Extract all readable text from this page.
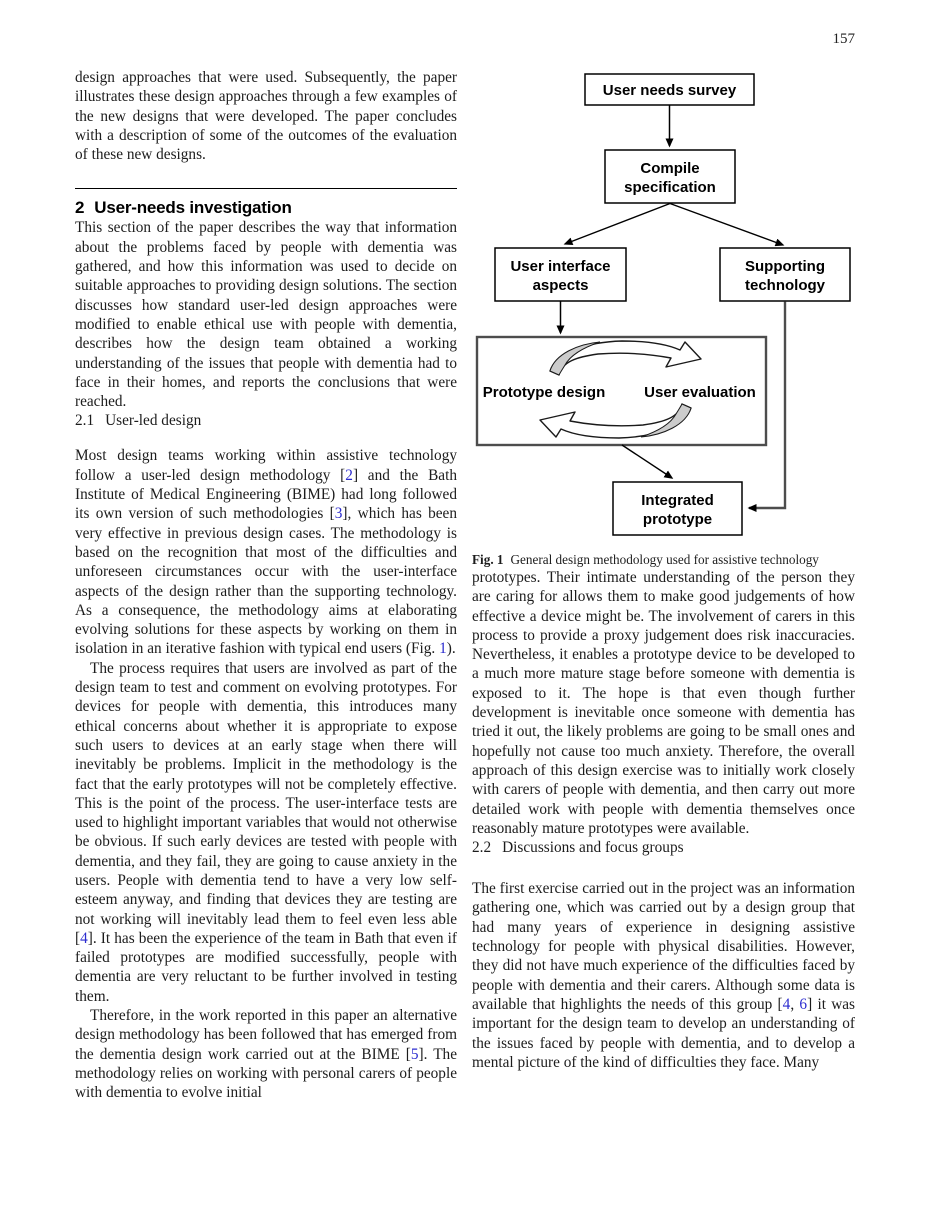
157

design approaches that were used. Subsequently, the paper illustrates these design approaches through a few examples of the new designs that were developed. The paper concludes with a description of some of the outcomes of the evaluation of these new designs.

2 User-needs investigation

This section of the paper describes the way that information about the problems faced by people with dementia was gathered, and how this information was used to decide on suitable approaches to providing design solutions. The section discusses how standard user-led design approaches were modified to enable ethical use with people with dementia, describes how the design team obtained a working understanding of the issues that people with dementia had to face in their homes, and reports the conclusions that were reached.

2.1 User-led design

Most design teams working within assistive technology follow a user-led design methodology [2] and the Bath Institute of Medical Engineering (BIME) had long followed its own version of such methodologies [3], which has been very effective in previous design cases. The methodology is based on the recognition that most of the difficulties and unforeseen circumstances occur with the user-interface aspects of the design rather than the supporting technology. As a consequence, the methodology aims at elaborating evolving solutions for these aspects by working on them in isolation in an iterative fashion with typical end users (Fig. 1).

The process requires that users are involved as part of the design team to test and comment on evolving prototypes. For devices for people with dementia, this introduces many ethical concerns about whether it is appropriate to expose such users to devices at an early stage when there will inevitably be problems. Implicit in the methodology is the fact that the early prototypes will not be completely effective. This is the point of the process. The user-interface tests are used to highlight important variables that would not otherwise be obvious. If such early devices are tested with people with dementia, and they fail, they are going to cause anxiety in the users. People with dementia tend to have a very low self-esteem anyway, and finding that devices they are testing are not working will inevitably lead them to feel even less able [4]. It has been the experience of the team in Bath that even if failed prototypes are modified successfully, people with dementia are very reluctant to be further involved in testing them.

Therefore, in the work reported in this paper an alternative design methodology has been followed that has emerged from the dementia design work carried out at the BIME [5]. The methodology relies on working with personal carers of people with dementia to evolve initial

User needs survey
Compile
specification
User interface
aspects
Supporting
technology
Prototype design	User evaluation
Integrated
prototype

Fig. 1 General design methodology used for assistive technology

prototypes. Their intimate understanding of the person they are caring for allows them to make good judgements of how effective a device might be. The involvement of carers in this process to provide a proxy judgement does risk inaccuracies. Nevertheless, it enables a prototype device to be developed to a much more mature stage before someone with dementia is exposed to it. The hope is that even though further development is inevitable once someone with dementia has tried it out, the likely problems are going to be small ones and hopefully not cause too much anxiety. Therefore, the overall approach of this design exercise was to initially work closely with carers of people with dementia, and then carry out more detailed work with people with dementia themselves once reasonably mature prototypes were available.

2.2 Discussions and focus groups

The first exercise carried out in the project was an information gathering one, which was carried out by a design group that had many years of experience in designing assistive technology for people with physical disabilities. However, they did not have much experience of the difficulties faced by people with dementia and their carers. Although some data is available that highlights the needs of this group [4, 6] it was important for the design team to develop an understanding of the issues faced by people with dementia, and to develop a mental picture of the kind of difficulties they face. Many
